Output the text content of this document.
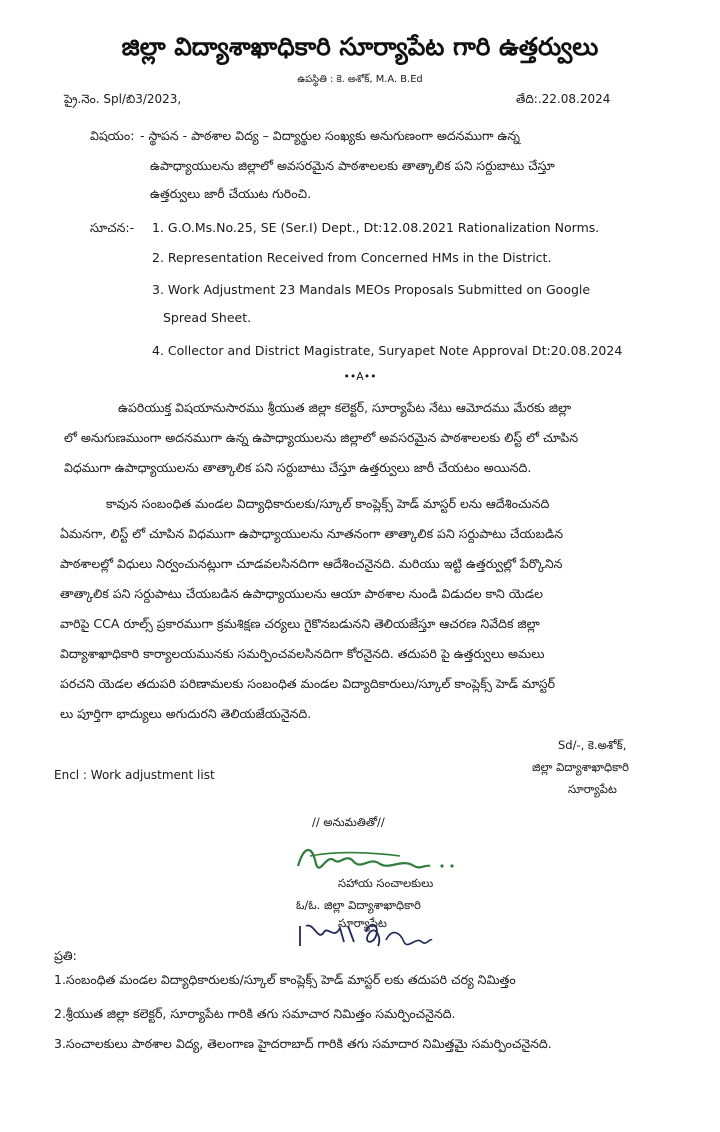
జిల్లా విద్యాశాఖాధికారి సూర్యాపేట గారి ఉత్తర్వులు
ఉపస్థితి : కె. అశోక్, M.A. B.Ed
ప్రై.నెం. Spl/బి3/2023,	తేది:.22.08.2024
విషయం: - స్థాపన - పాఠశాల విద్య – విద్యార్థుల సంఖ్యకు అనుగుణంగా అదనముగా ఉన్న
ఉపాధ్యాయులను జిల్లాలో అవసరమైన పాఠశాలలకు తాత్కాలిక పని సర్దుబాటు చేస్తూ
ఉత్తర్వులు జారీ చేయుట గురించి.
సూచన:- 1. G.O.Ms.No.25, SE (Ser.I) Dept., Dt:12.08.2021 Rationalization Norms.
2. Representation Received from Concerned HMs in the District.
3. Work Adjustment 23 Mandals MEOs Proposals Submitted on Google
Spread Sheet.
4. Collector and District Magistrate, Suryapet Note Approval Dt:20.08.2024
••A••
ఉపరియుక్త విషయానుసారము శ్రీయుత జిల్లా కలెక్టర్, సూర్యాపేట నేటు ఆమోదము మేరకు జిల్లా
లో అనుగుణముంగా అదనముగా ఉన్న ఉపాధ్యాయులను జిల్లాలో అవసరమైన పాఠశాలలకు లిస్ట్ లో చూపిన
విధముగా ఉపాధ్యాయులను తాత్కాలిక పని సర్దుబాటు చేస్తూ ఉత్తర్వులు జారీ చేయటం అయినది.
కావున సంబంధిత మండల విద్యాధికారులకు/స్కూల్ కాంప్లెక్స్ హెడ్ మాస్టర్ లను ఆదేశించునది
ఏమనగా, లిస్ట్ లో చూపిన విధముగా ఉపాధ్యాయులను నూతనంగా తాత్కాలిక పని సర్దుపాటు చేయబడిన
పాఠశాలల్లో విధులు నిర్వంచునట్లుగా చూడవలసినదిగా ఆదేశించనైనది. మరియు ఇట్టి ఉత్తర్వుల్లో పేర్కొనిన
తాత్కాలిక పని సర్దుపాటు చేయబడిన ఉపాధ్యాయులను ఆయా పాఠశాల నుండి విడుదల కాని యెడల
వారిపై CCA రూల్స్ ప్రకారముగా క్రమశిక్షణ చర్యలు గైకొనబడునని తెలియజేస్తూ ఆచరణ నివేదిక జిల్లా
విద్యాశాఖాధికారి కార్యాలయమునకు సమర్పించవలసినదిగా కోరనైనది. తదుపరి పై ఉత్తర్వులు అమలు
పరచని యెడల తదుపరి పరిణామలకు సంబంధిత మండల విద్యాదికారులు/స్కూల్ కాంప్లెక్స్ హెడ్ మాస్టర్
లు పూర్తిగా భాద్యులు అగుదురని తెలియజేయనైనది.
Encl : Work adjustment list
Sd/-, కె.అశోక్,
జిల్లా విద్యాశాఖాధికారి
సూర్యాపేట
// అనుమతితో//
సహాయ సంచాలకులు
ఓ/ఓ. జిల్లా విద్యాశాఖాధికారి
సూర్యాపేట
ప్రతి:
1.సంబంధిత మండల విద్యాధికారులకు/స్కూల్ కాంప్లెక్స్ హెడ్ మాస్టర్ లకు తదుపరి చర్య నిమిత్తం
2.శ్రీయుత జిల్లా కలెక్టర్, సూర్యాపేట గారికి తగు సమాచార నిమిత్తం సమర్పించనైనది.
3.సంచాలకులు పాఠశాల విద్య, తెలంగాణ హైదరాబాద్ గారికి తగు సమాదార నిమిత్తమై సమర్పించనైనది.
